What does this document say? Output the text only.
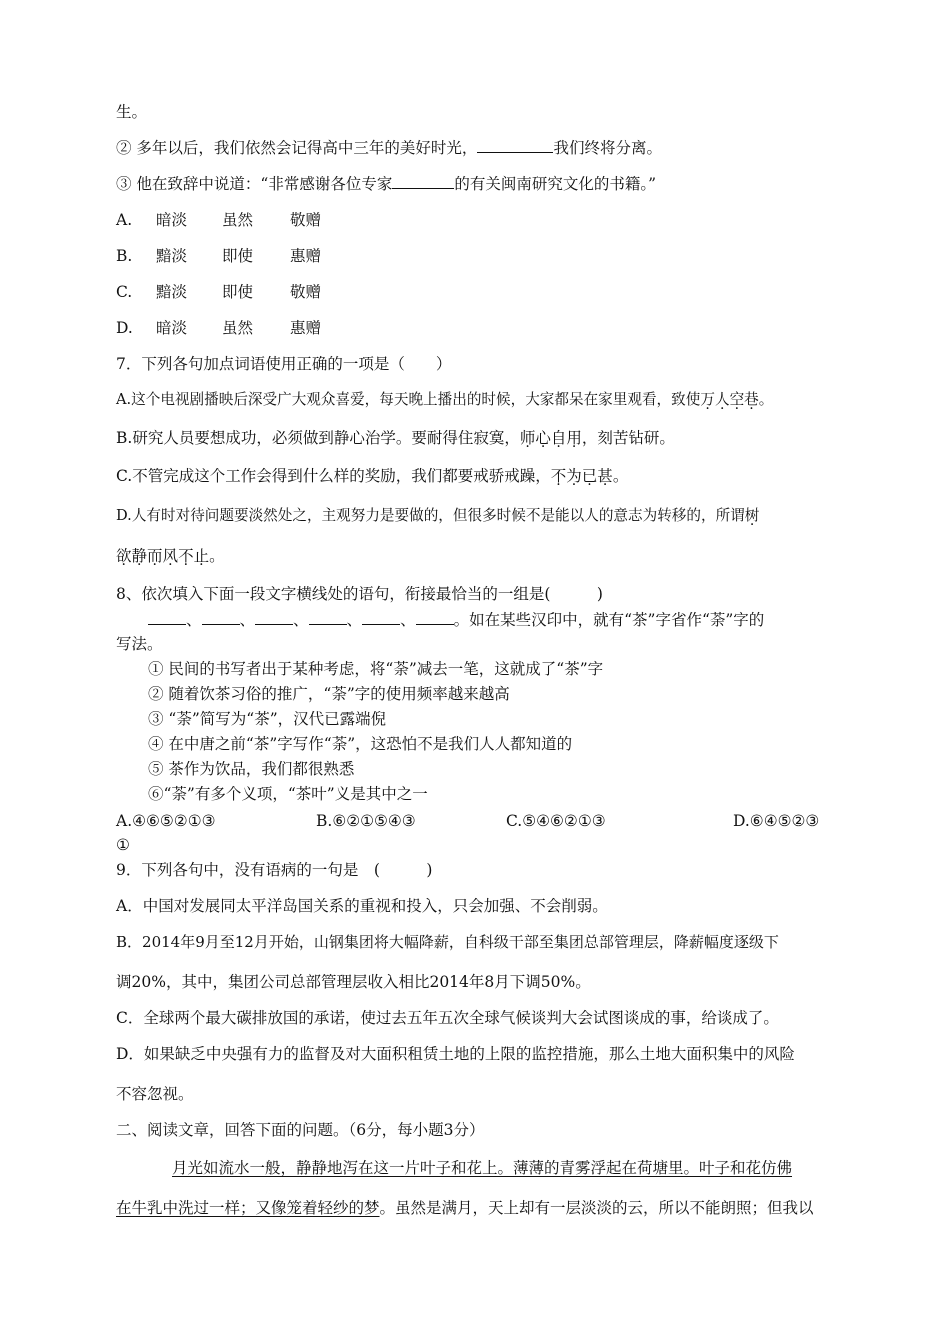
生。
② 多年以后，我们依然会记得高中三年的美好时光，	我们终将分离。
③ 他在致辞中说道：“非常感谢各位专家	的有关闽南研究文化的书籍。”
A. 暗淡 虽然 敬赠
B. 黯淡 即使 惠赠
C. 黯淡 即使 敬赠
D. 暗淡 虽然 惠赠
7．下列各句加点词语使用正确的一项是（　　）
A.这个电视剧播映后深受广大观众喜爱，每天晚上播出的时候，大家都呆在家里观看，致使万人空巷。
B.研究人员要想成功，必须做到静心治学。要耐得住寂寞，师心自用，刻苦钻研。
C.不管完成这个工作会得到什么样的奖励，我们都要戒骄戒躁，不为已甚。
D.人有时对待问题要淡然处之，主观努力是要做的，但很多时候不是能以人的意志为转移的，所谓树
欲静而风不止。
8、依次填入下面一段文字横线处的语句，衔接最恰当的一组是(　　　)
、 、 、 、 、 。如在某些汉印中，就有“茶”字省作“荼”字的
写法。
① 民间的书写者出于某种考虑，将“荼”减去一笔，这就成了“茶”字
② 随着饮茶习俗的推广，“荼”字的使用频率越来越高
③ “荼”简写为“茶”，汉代已露端倪
④ 在中唐之前“茶”字写作“荼”，这恐怕不是我们人人都知道的
⑤ 茶作为饮品，我们都很熟悉
⑥“荼”有多个义项，“茶叶”义是其中之一
A.④⑥⑤②①③	B.⑥②①⑤④③	C.⑤④⑥②①③	D.⑥④⑤②③
①
9．下列各句中，没有语病的一句是　(　　　)
A．中国对发展同太平洋岛国关系的重视和投入，只会加强、不会削弱。
B．2014年9月至12月开始，山钢集团将大幅降薪，自科级干部至集团总部管理层，降薪幅度逐级下
调20%，其中，集团公司总部管理层收入相比2014年8月下调50%。
C．全球两个最大碳排放国的承诺，使过去五年五次全球气候谈判大会试图谈成的事，给谈成了。
D．如果缺乏中央强有力的监督及对大面积租赁土地的上限的监控措施，那么土地大面积集中的风险
不容忽视。
二、阅读文章，回答下面的问题。（6分，每小题3分）
月光如流水一般，静静地泻在这一片叶子和花上。薄薄的青雾浮起在荷塘里。叶子和花仿佛
在牛乳中洗过一样；又像笼着轻纱的梦。虽然是满月，天上却有一层淡淡的云，所以不能朗照；但我以
